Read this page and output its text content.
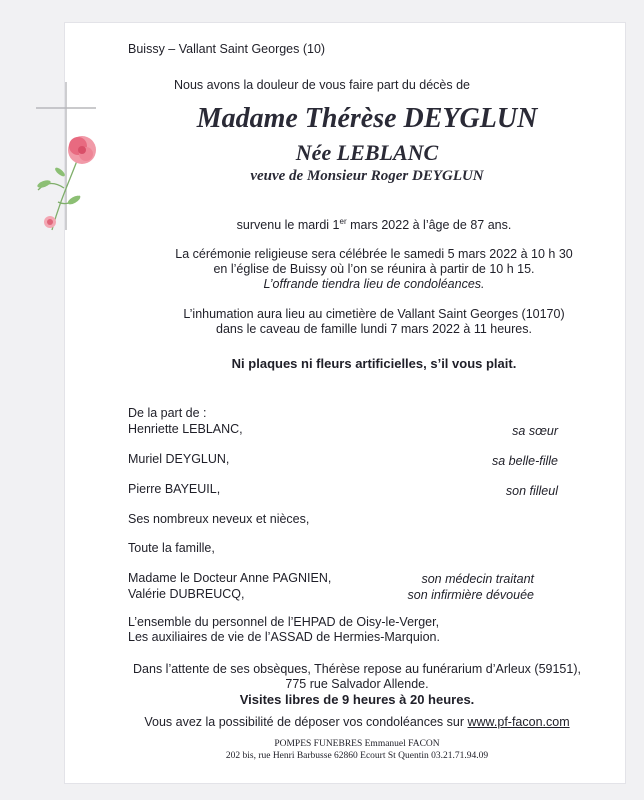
Buissy – Vallant Saint Georges (10)
Nous avons la douleur de vous faire part du décès de
Madame Thérèse DEYGLUN
Née LEBLANC
veuve de Monsieur Roger DEYGLUN
survenu le mardi 1er mars 2022 à l’âge de 87 ans.
La cérémonie religieuse sera célébrée le samedi 5 mars 2022 à 10 h 30
en l’église de Buissy où l’on se réunira à partir de 10 h 15.
L’offrande tiendra lieu de condoléances.
L’inhumation aura lieu au cimetière de Vallant Saint Georges (10170)
dans le caveau de famille lundi 7 mars 2022 à 11 heures.
Ni plaques ni fleurs artificielles, s’il vous plait.
De la part de :
Henriette LEBLANC,	sa sœur
Muriel DEYGLUN,	sa belle-fille
Pierre BAYEUIL,	son filleul
Ses nombreux neveux et nièces,
Toute la famille,
Madame le Docteur Anne PAGNIEN,	son médecin traitant
Valérie DUBREUCQ,	son infirmière dévouée
L’ensemble du personnel de l’EHPAD de Oisy-le-Verger,
Les auxiliaires de vie de l’ASSAD de Hermies-Marquion.
Dans l’attente de ses obsèques, Thérèse repose au funérarium d’Arleux (59151),
775 rue Salvador Allende.
Visites libres de 9 heures à 20 heures.
Vous avez la possibilité de déposer vos condoléances sur www.pf-facon.com
POMPES FUNEBRES Emmanuel FACON
202 bis, rue Henri Barbusse 62860 Ecourt St Quentin 03.21.71.94.09
